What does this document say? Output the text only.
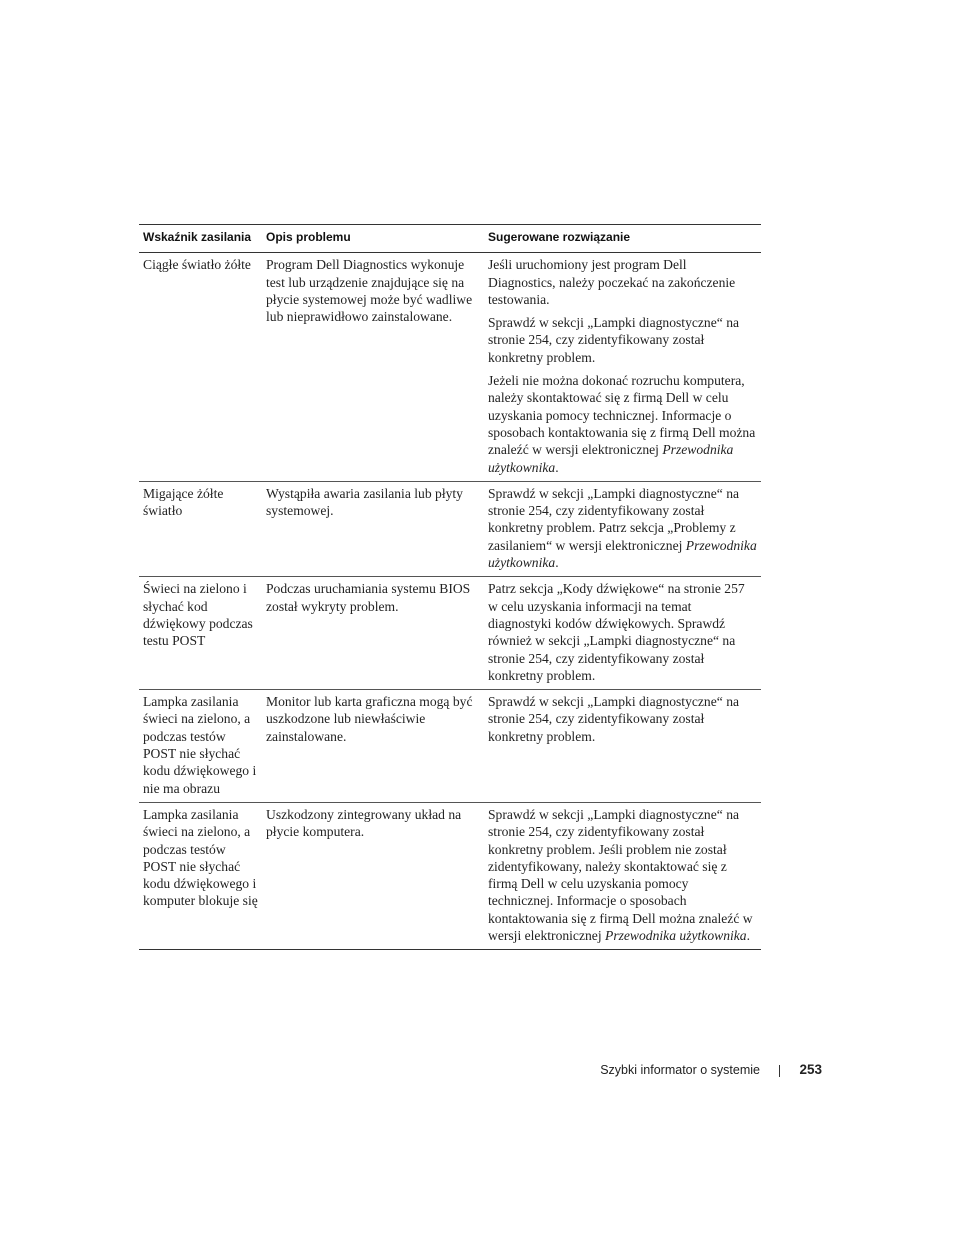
Wskaźnik zasilania	Opis problemu	Sugerowane rozwiązanie
Ciągłe światło żółte	Program Dell Diagnostics wykonuje test lub urządzenie znajdujące się na płycie systemowej może być wadliwe lub nieprawidłowo zainstalowane.	Jeśli uruchomiony jest program Dell Diagnostics, należy poczekać na zakończenie testowania.

Sprawdź w sekcji „Lampki diagnostyczne“ na stronie 254, czy zidentyfikowany został konkretny problem.

Jeżeli nie można dokonać rozruchu komputera, należy skontaktować się z firmą Dell w celu uzyskania pomocy technicznej. Informacje o sposobach kontaktowania się z firmą Dell można znaleźć w wersji elektronicznej Przewodnika użytkownika.

Migające żółte światło	Wystąpiła awaria zasilania lub płyty systemowej.	Sprawdź w sekcji „Lampki diagnostyczne“ na stronie 254, czy zidentyfikowany został konkretny problem. Patrz sekcja „Problemy z zasilaniem“ w wersji elektronicznej Przewodnika użytkownika.

Świeci na zielono i słychać kod dźwiękowy podczas testu POST	Podczas uruchamiania systemu BIOS został wykryty problem.	Patrz sekcja „Kody dźwiękowe“ na stronie 257 w celu uzyskania informacji na temat diagnostyki kodów dźwiękowych. Sprawdź również w sekcji „Lampki diagnostyczne“ na stronie 254, czy zidentyfikowany został konkretny problem.

Lampka zasilania świeci na zielono, a podczas testów POST nie słychać kodu dźwiękowego i nie ma obrazu	Monitor lub karta graficzna mogą być uszkodzone lub niewłaściwie zainstalowane.	Sprawdź w sekcji „Lampki diagnostyczne“ na stronie 254, czy zidentyfikowany został konkretny problem.

Lampka zasilania świeci na zielono, a podczas testów POST nie słychać kodu dźwiękowego i komputer blokuje się	Uszkodzony zintegrowany układ na płycie komputera.	Sprawdź w sekcji „Lampki diagnostyczne“ na stronie 254, czy zidentyfikowany został konkretny problem. Jeśli problem nie został zidentyfikowany, należy skontaktować się z firmą Dell w celu uzyskania pomocy technicznej. Informacje o sposobach kontaktowania się z firmą Dell można znaleźć w wersji elektronicznej Przewodnika użytkownika.

Szybki informator o systemie	253
